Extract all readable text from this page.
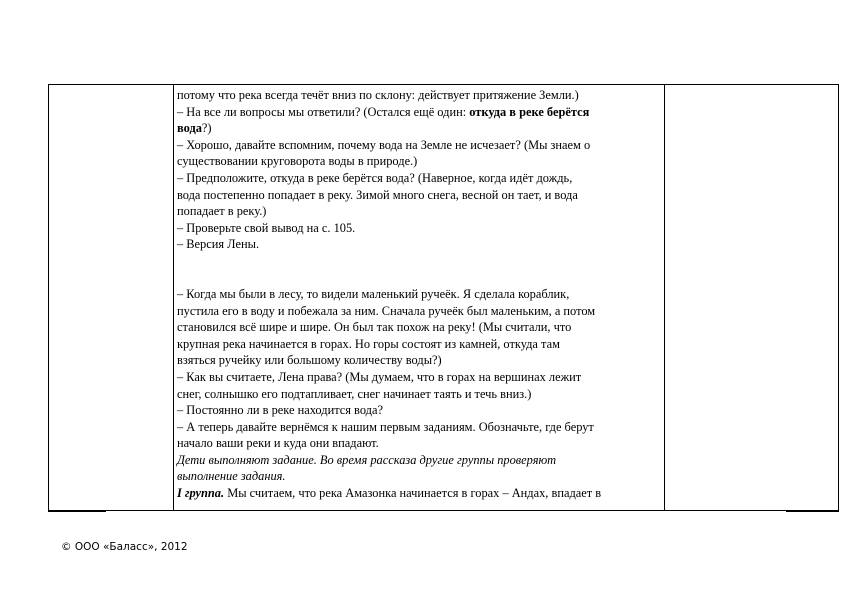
потому что река всегда течёт вниз по склону: действует притяжение Земли.)

– На все ли вопросы мы ответили? (Остался ещё один: откуда в реке берётся

вода?)

– Хорошо, давайте вспомним, почему вода на Земле не исчезает? (Мы знаем о

существовании круговорота воды в природе.)

– Предположите, откуда в реке берётся вода? (Наверное, когда идёт дождь,

вода постепенно попадает в реку. Зимой много снега, весной он тает, и вода

попадает в реку.)

– Проверьте свой вывод на с. 105.

– Версия Лены.

– Когда мы были в лесу, то видели маленький ручеёк. Я сделала кораблик,

пустила его в воду и побежала за ним. Сначала ручеёк был маленьким, а потом

становился всё шире и шире. Он был так похож на реку! (Мы считали, что

крупная река начинается в горах. Но горы состоят из камней, откуда там

взяться ручейку или большому количеству воды?)

– Как вы считаете, Лена права? (Мы думаем, что в горах на вершинах лежит

снег, солнышко его подтапливает, снег начинает таять и течь вниз.)

– Постоянно ли в реке находится вода?

– А теперь давайте вернёмся к нашим первым заданиям. Обозначьте, где берут

начало ваши реки и куда они впадают.

Дети выполняют задание. Во время рассказа другие группы проверяют

выполнение задания.

I группа. Мы считаем, что река Амазонка начинается в горах – Андах, впадает в

© ООО «Баласс», 2012
